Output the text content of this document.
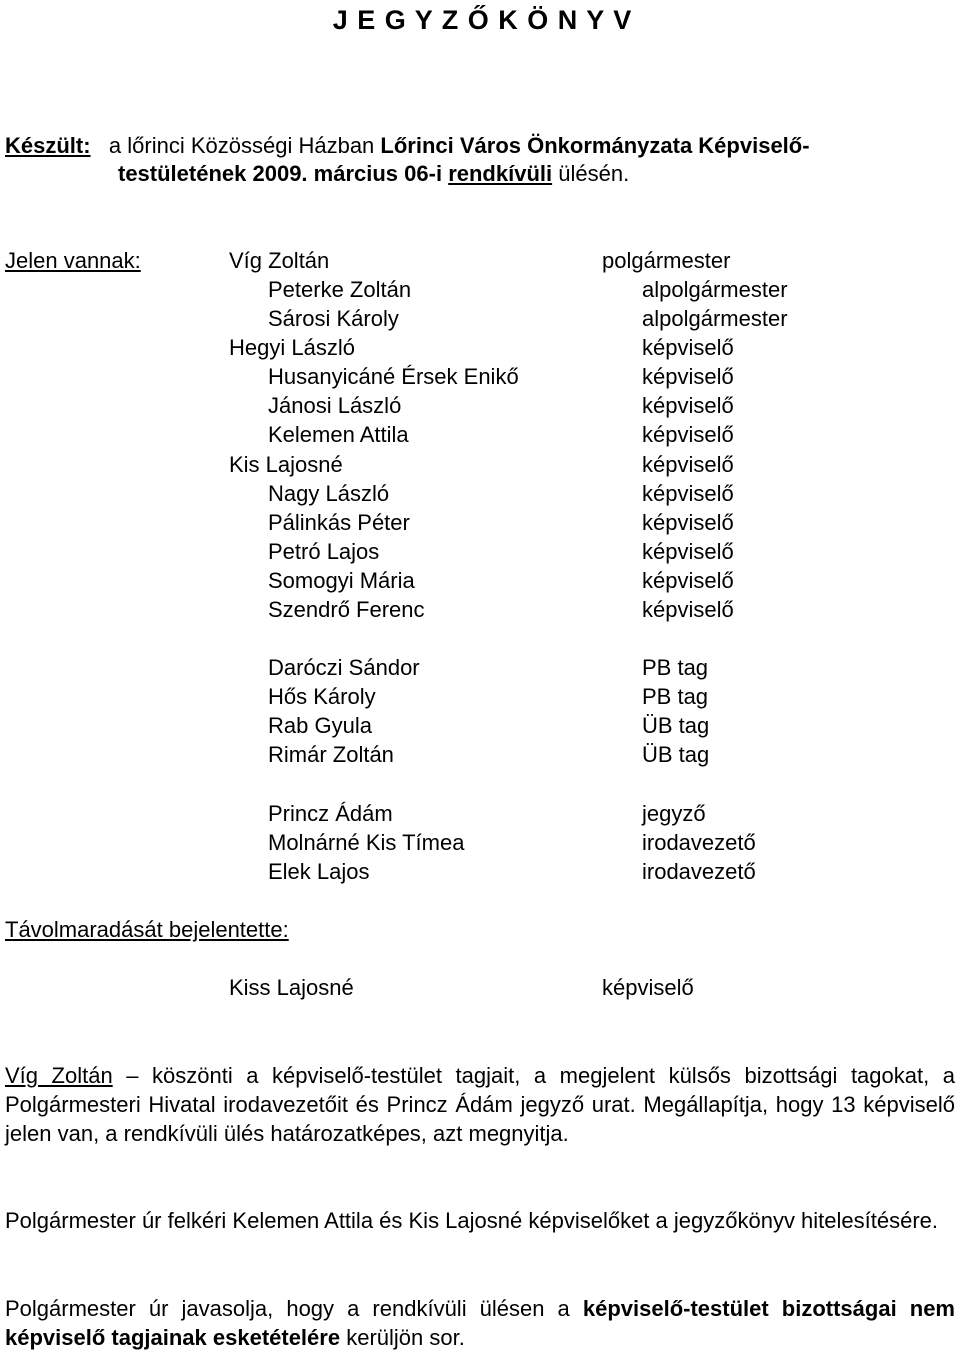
J E G Y Z Ő K Ö N Y V
Készült: a lőrinci Közösségi Házban Lőrinci Város Önkormányzata Képviselő-
testületének 2009. március 06-i rendkívüli ülésén.
Jelen vannak:	Víg Zoltán	polgármester
Peterke Zoltán	alpolgármester
Sárosi Károly	alpolgármester
Hegyi László	képviselő
Husanyicáné Érsek Enikő	képviselő
Jánosi László	képviselő
Kelemen Attila	képviselő
Kis Lajosné	képviselő
Nagy László	képviselő
Pálinkás Péter	képviselő
Petró Lajos	képviselő
Somogyi Mária	képviselő
Szendrő Ferenc	képviselő
Daróczi Sándor	PB tag
Hős Károly	PB tag
Rab Gyula	ÜB tag
Rimár Zoltán	ÜB tag
Princz Ádám	jegyző
Molnárné Kis Tímea	irodavezető
Elek Lajos	irodavezető
Távolmaradását bejelentette:
Kiss Lajosné	képviselő
Víg Zoltán – köszönti a képviselő-testület tagjait, a megjelent külsős bizottsági tagokat, a Polgármesteri Hivatal irodavezetőit és Princz Ádám jegyző urat. Megállapítja, hogy 13 képviselő jelen van, a rendkívüli ülés határozatképes, azt megnyitja.
Polgármester úr felkéri Kelemen Attila és Kis Lajosné képviselőket a jegyzőkönyv hitelesítésére.
Polgármester úr javasolja, hogy a rendkívüli ülésen a képviselő-testület bizottságai nem képviselő tagjainak esketételére kerüljön sor.
